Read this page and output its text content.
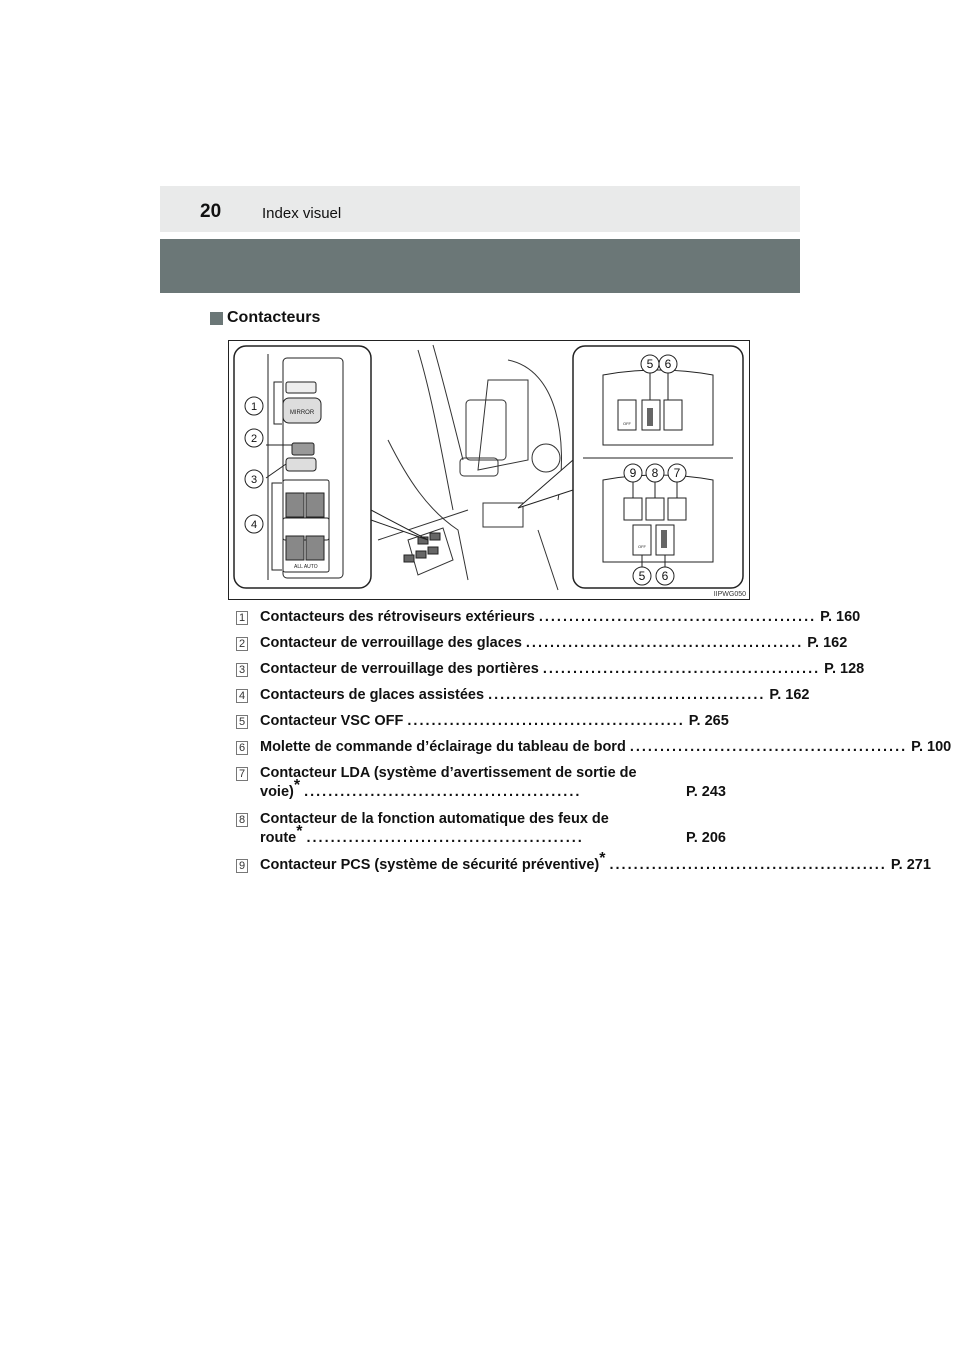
20	Index visuel
Contacteurs
MIRROR
ALL AUTO
1
2
3
4
OFF
OFF
5 6
9 8 7
5 6
IIPWG050
1 Contacteurs des rétroviseurs extérieurs .............................................. P. 160
2 Contacteur de verrouillage des glaces .............................................. P. 162
3 Contacteur de verrouillage des portières .............................................. P. 128
4 Contacteurs de glaces assistées .............................................. P. 162
5 Contacteur VSC OFF .............................................. P. 265
6 Molette de commande d’éclairage du tableau de bord .............................................. P. 100
7 Contacteur LDA (système d’avertissement de sortie de
voie)* ..............................................	P. 243
8 Contacteur de la fonction automatique des feux de
route* ..............................................	P. 206
9 Contacteur PCS (système de sécurité préventive)* .............................................. P. 271
